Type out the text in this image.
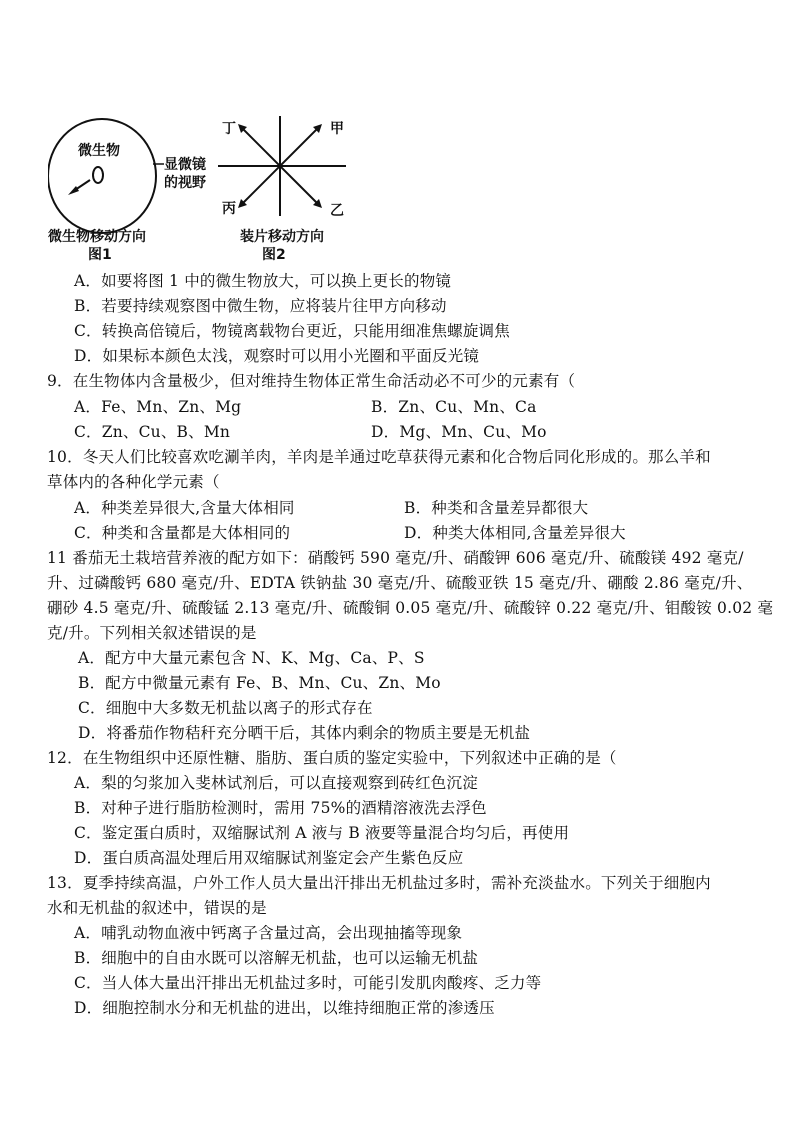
微生物
显微镜
的视野
微生物移动方向
图1
丁	甲
丙	乙
装片移动方向
图2
A．如要将图 1 中的微生物放大，可以换上更长的物镜
B．若要持续观察图中微生物，应将装片往甲方向移动
C．转换高倍镜后，物镜离载物台更近，只能用细准焦螺旋调焦
D．如果标本颜色太浅，观察时可以用小光圈和平面反光镜
9．在生物体内含量极少，但对维持生物体正常生命活动必不可少的元素有（
A．Fe、Mn、Zn、Mg	B．Zn、Cu、Mn、Ca
C．Zn、Cu、B、Mn	D．Mg、Mn、Cu、Mo
10．冬天人们比较喜欢吃涮羊肉，羊肉是羊通过吃草获得元素和化合物后同化形成的。那么羊和
草体内的各种化学元素（
A．种类差异很大,含量大体相同	B．种类和含量差异都很大
C．种类和含量都是大体相同的	D．种类大体相同,含量差异很大
11 番茄无土栽培营养液的配方如下：硝酸钙 590 毫克/升、硝酸钾 606 毫克/升、硫酸镁 492 毫克/
升、过磷酸钙 680 毫克/升、EDTA 铁钠盐 30 毫克/升、硫酸亚铁 15 毫克/升、硼酸 2.86 毫克/升、
硼砂 4.5 毫克/升、硫酸锰 2.13 毫克/升、硫酸铜 0.05 毫克/升、硫酸锌 0.22 毫克/升、钼酸铵 0.02 毫
克/升。下列相关叙述错误的是
A．配方中大量元素包含 N、K、Mg、Ca、P、S
B．配方中微量元素有 Fe、B、Mn、Cu、Zn、Mo
C．细胞中大多数无机盐以离子的形式存在
D．将番茄作物秸秆充分晒干后，其体内剩余的物质主要是无机盐
12．在生物组织中还原性糖、脂肪、蛋白质的鉴定实验中，下列叙述中正确的是（
A．梨的匀浆加入斐林试剂后，可以直接观察到砖红色沉淀
B．对种子进行脂肪检测时，需用 75%的酒精溶液洗去浮色
C．鉴定蛋白质时，双缩脲试剂 A 液与 B 液要等量混合均匀后，再使用
D．蛋白质高温处理后用双缩脲试剂鉴定会产生紫色反应
13．夏季持续高温，户外工作人员大量出汗排出无机盐过多时，需补充淡盐水。下列关于细胞内
水和无机盐的叙述中，错误的是
A．哺乳动物血液中钙离子含量过高，会出现抽搐等现象
B．细胞中的自由水既可以溶解无机盐，也可以运输无机盐
C．当人体大量出汗排出无机盐过多时，可能引发肌肉酸疼、乏力等
D．细胞控制水分和无机盐的进出，以维持细胞正常的渗透压
